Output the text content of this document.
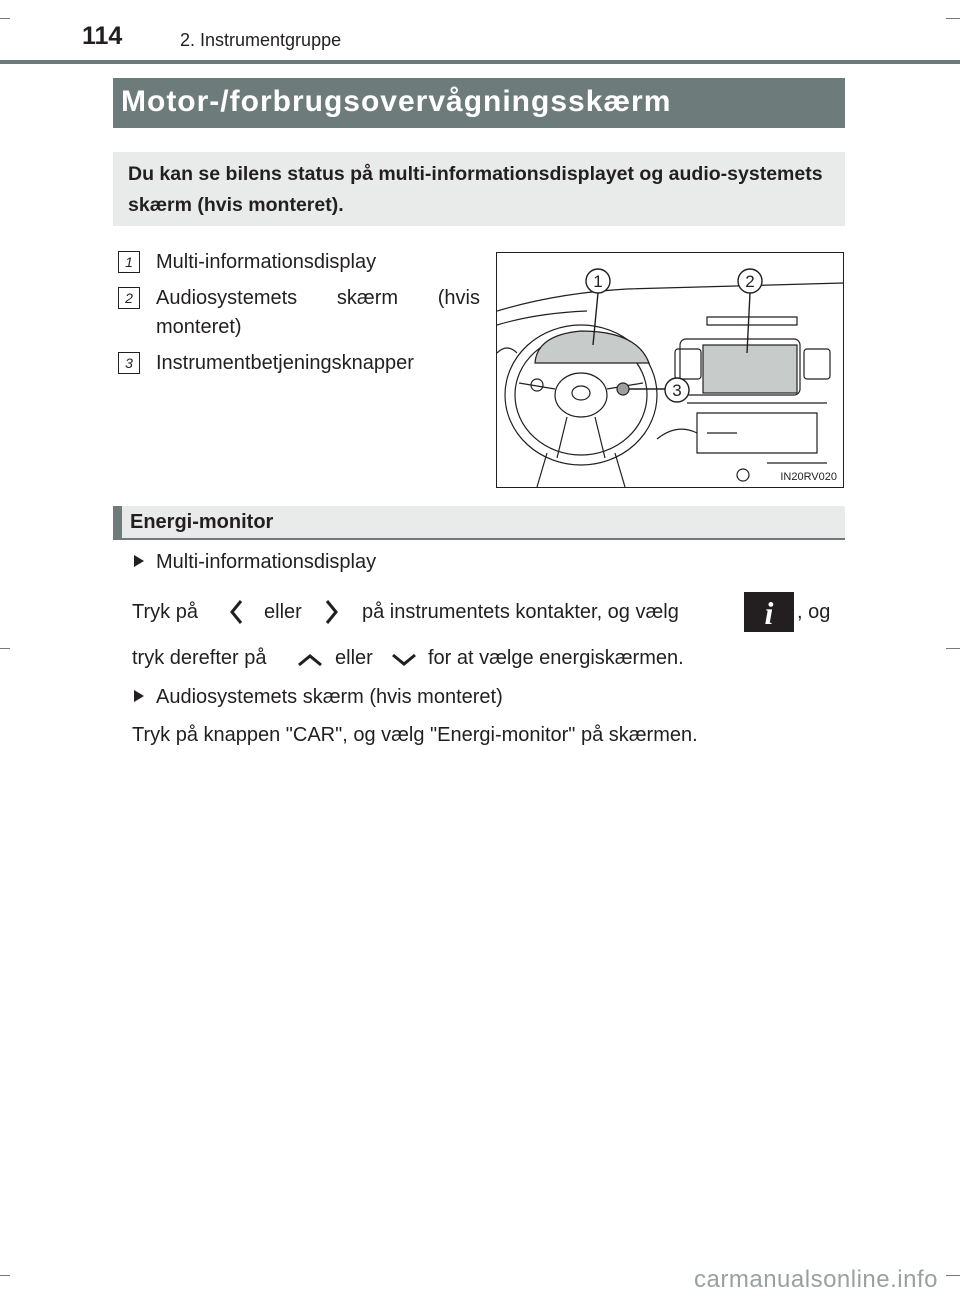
114	2. Instrumentgruppe
Motor-/forbrugsovervågningsskærm
Du kan se bilens status på multi-informationsdisplayet og audio-systemets skærm (hvis monteret).
1	Multi-informationsdisplay
2	Audiosystemets skærm (hvis monteret)
3	Instrumentbetjeningsknapper
1	2
3
IN20RV020
Energi-monitor
Multi-informationsdisplay
Tryk på	eller	på instrumentets kontakter, og vælg	i	, og
tryk derefter på	eller	for at vælge energiskærmen.
Audiosystemets skærm (hvis monteret)
Tryk på knappen "CAR", og vælg "Energi-monitor" på skærmen.
carmanualsonline.info
